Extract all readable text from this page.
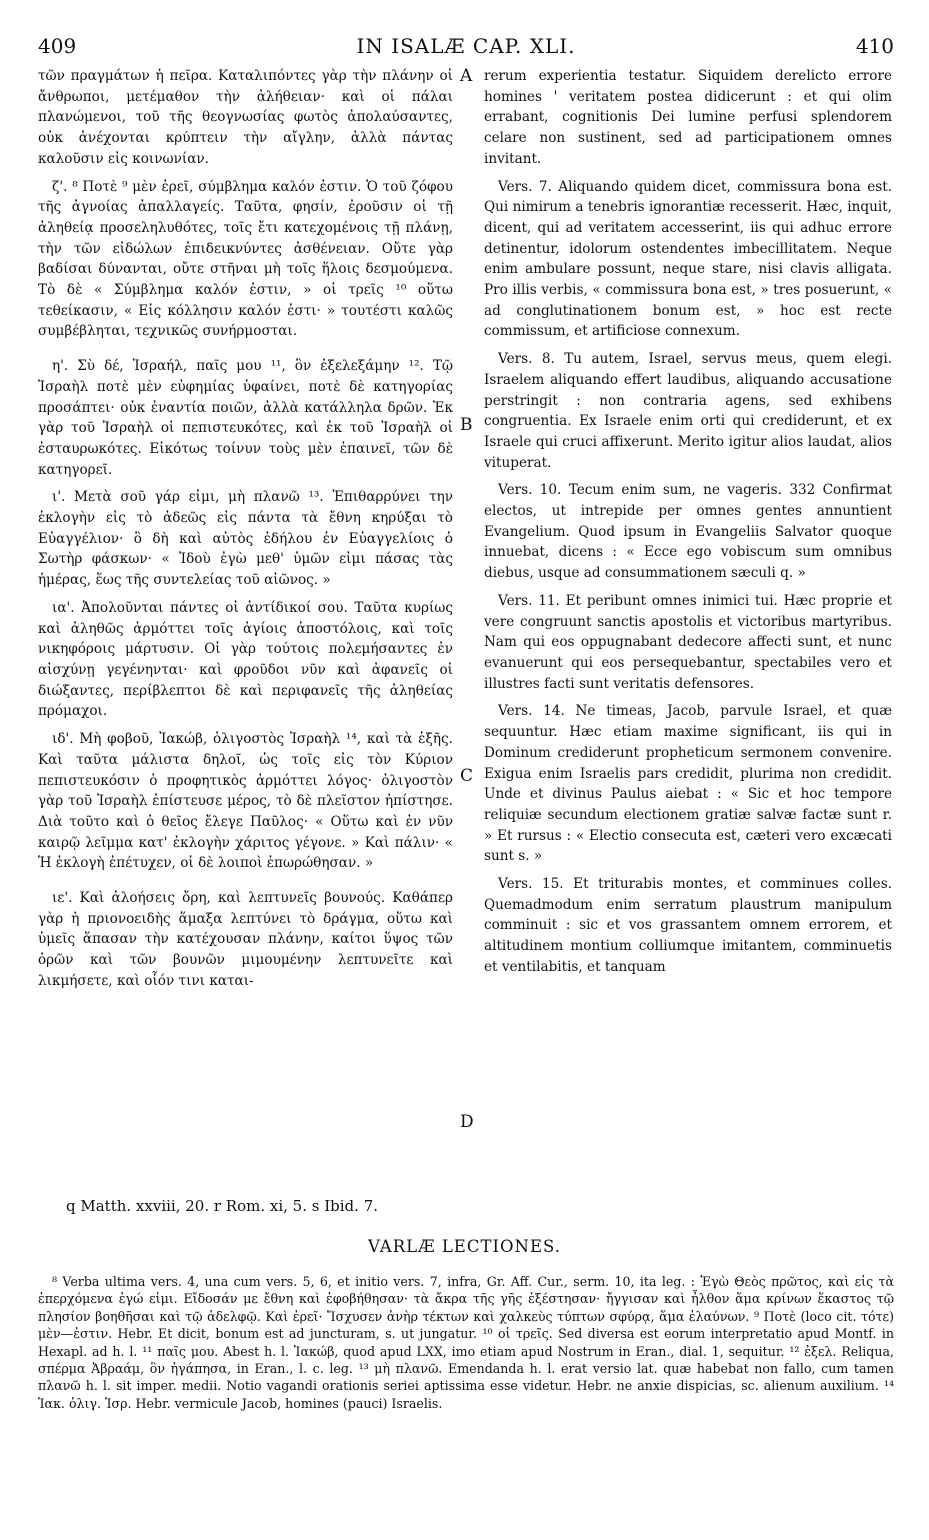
409	IN ISALÆ CAP. XLI.	410

τῶν πραγμάτων ἡ πεῖρα. Καταλιπόντες γὰρ τὴν πλάνην οἱ ἄνθρωποι, μετέμαθον τὴν ἀλήθειαν· καὶ οἱ πάλαι πλανώμενοι, τοῦ τῆς θεογνωσίας φωτὸς ἀπολαύσαντες, οὐκ ἀνέχονται κρύπτειν τὴν αἴγλην, ἀλλὰ πάντας καλοῦσιν εἰς κοινωνίαν.

ζ'. ⁸ Ποτὲ ⁹ μὲν ἐρεῖ, σύμβλημα καλόν ἐστιν. Ὁ τοῦ ζόφου τῆς ἀγνοίας ἀπαλλαγείς. Ταῦτα, φησίν, ἐροῦσιν οἱ τῇ ἀληθείᾳ προσεληλυθότες, τοῖς ἔτι κατεχομένοις τῇ πλάνῃ, τὴν τῶν εἰδώλων ἐπιδεικνύντες ἀσθένειαν. Οὔτε γὰρ βαδίσαι δύνανται, οὔτε στῆναι μὴ τοῖς ἥλοις δεσμούμενα. Τὸ δὲ « Σύμβλημα καλόν ἐστιν, » οἱ τρεῖς ¹⁰ οὕτω τεθείκασιν, « Εἰς κόλλησιν καλόν ἐστι· » τουτέστι καλῶς συμβέβληται, τεχνικῶς συνήρμοσται.

η'. Σὺ δέ, Ἰσραήλ, παῖς μου ¹¹, ὃν ἐξελεξάμην ¹². Τῷ Ἰσραὴλ ποτὲ μὲν εὐφημίας ὑφαίνει, ποτὲ δὲ κατηγορίας προσάπτει· οὐκ ἐναντία ποιῶν, ἀλλὰ κατάλληλα δρῶν. Ἐκ γὰρ τοῦ Ἰσραὴλ οἱ πεπιστευκότες, καὶ ἐκ τοῦ Ἰσραὴλ οἱ ἐσταυρωκότες. Εἰκότως τοίνυν τοὺς μὲν ἐπαινεῖ, τῶν δὲ κατηγορεῖ.

ι'. Μετὰ σοῦ γάρ εἰμι, μὴ πλανῶ ¹³. Ἐπιθαρρύνει την ἐκλογὴν εἰς τὸ ἀδεῶς εἰς πάντα τὰ ἔθνη κηρύξαι τὸ Εὐαγγέλιον· ὃ δὴ καὶ αὐτὸς ἐδήλου ἐν Εὐαγγελίοις ὁ Σωτὴρ φάσκων· « Ἰδοὺ ἐγὼ μεθ' ὑμῶν εἰμι πάσας τὰς ἡμέρας, ἕως τῆς συντελείας τοῦ αἰῶνος. »

ια'. Ἀπολοῦνται πάντες οἱ ἀντίδικοί σου. Ταῦτα κυρίως καὶ ἀληθῶς ἁρμόττει τοῖς ἁγίοις ἀποστόλοις, καὶ τοῖς νικηφόροις μάρτυσιν. Οἱ γὰρ τούτοις πολεμήσαντες ἐν αἰσχύνῃ γεγένηνται· καὶ φροῦδοι νῦν καὶ ἀφανεῖς οἱ διώξαντες, περίβλεπτοι δὲ καὶ περιφανεῖς τῆς ἀληθείας πρόμαχοι.

ιδ'. Μὴ φοβοῦ, Ἰακώβ, ὀλιγοστὸς Ἰσραὴλ ¹⁴, καὶ τὰ ἑξῆς. Καὶ ταῦτα μάλιστα δηλοῖ, ὡς τοῖς εἰς τὸν Κύριον πεπιστευκόσιν ὁ προφητικὸς ἁρμόττει λόγος· ὀλιγοστὸν γὰρ τοῦ Ἰσραὴλ ἐπίστευσε μέρος, τὸ δὲ πλεῖστον ἠπίστησε. Διὰ τοῦτο καὶ ὁ θεῖος ἔλεγε Παῦλος· « Οὕτω καὶ ἐν νῦν καιρῷ λεῖμμα κατ' ἐκλογὴν χάριτος γέγονε. » Καὶ πάλιν· « Ἡ ἐκλογὴ ἐπέτυχεν, οἱ δὲ λοιποὶ ἐπωρώθησαν. »

ιε'. Καὶ ἀλοήσεις ὄρη, καὶ λεπτυνεῖς βουνούς. Καθάπερ γὰρ ἡ πριονοειδὴς ἅμαξα λεπτύνει τὸ δράγμα, οὕτω καὶ ὑμεῖς ἅπασαν τὴν κατέχουσαν πλάνην, καίτοι ὕψος τῶν ὀρῶν καὶ τῶν βουνῶν μιμουμένην λεπτυνεῖτε καὶ λικμήσετε, καὶ οἷόν τινι καται-

A
B
C
D

rerum experientia testatur. Siquidem derelicto errore homines ' veritatem postea didicerunt : et qui olim errabant, cognitionis Dei lumine perfusi splendorem celare non sustinent, sed ad participationem omnes invitant.

Vers. 7. Aliquando quidem dicet, commissura bona est. Qui nimirum a tenebris ignorantiæ recesserit. Hæc, inquit, dicent, qui ad veritatem accesserint, iis qui adhuc errore detinentur, idolorum ostendentes imbecillitatem. Neque enim ambulare possunt, neque stare, nisi clavis alligata. Pro illis verbis, « commissura bona est, » tres posuerunt, « ad conglutinationem bonum est, » hoc est recte commissum, et artificiose connexum.

Vers. 8. Tu autem, Israel, servus meus, quem elegi. Israelem aliquando effert laudibus, aliquando accusatione perstringit : non contraria agens, sed exhibens congruentia. Ex Israele enim orti qui crediderunt, et ex Israele qui cruci affixerunt. Merito igitur alios laudat, alios vituperat.

Vers. 10. Tecum enim sum, ne vageris. 332 Confirmat electos, ut intrepide per omnes gentes annuntient Evangelium. Quod ipsum in Evangeliis Salvator quoque innuebat, dicens : « Ecce ego vobiscum sum omnibus diebus, usque ad consummationem sæculi q. »

Vers. 11. Et peribunt omnes inimici tui. Hæc proprie et vere congruunt sanctis apostolis et victoribus martyribus. Nam qui eos oppugnabant dedecore affecti sunt, et nunc evanuerunt qui eos persequebantur, spectabiles vero et illustres facti sunt veritatis defensores.

Vers. 14. Ne timeas, Jacob, parvule Israel, et quæ sequuntur. Hæc etiam maxime significant, iis qui in Dominum crediderunt propheticum sermonem convenire. Exigua enim Israelis pars credidit, plurima non credidit. Unde et divinus Paulus aiebat : « Sic et hoc tempore reliquiæ secundum electionem gratiæ salvæ factæ sunt r. » Et rursus : « Electio consecuta est, cæteri vero excæcati sunt s. »

Vers. 15. Et triturabis montes, et comminues colles. Quemadmodum enim serratum plaustrum manipulum comminuit : sic et vos grassantem omnem errorem, et altitudinem montium colliumque imitantem, comminuetis et ventilabitis, et tanquam

q Matth. xxviii, 20. r Rom. xi, 5. s Ibid. 7.
VARLÆ LECTIONES.

⁸ Verba ultima vers. 4, una cum vers. 5, 6, et initio vers. 7, infra, Gr. Aff. Cur., serm. 10, ita leg. : Ἐγὼ Θεὸς πρῶτος, καὶ εἰς τὰ ἐπερχόμενα ἐγώ εἰμι. Εἴδοσάν με ἔθνη καὶ ἐφοβήθησαν· τὰ ἄκρα τῆς γῆς ἐξέστησαν· ἤγγισαν καὶ ἦλθον ἅμα κρίνων ἕκαστος τῷ πλησίον βοηθῆσαι καὶ τῷ ἀδελφῷ. Καὶ ἐρεῖ· Ἴσχυσεν ἀνὴρ τέκτων καὶ χαλκεὺς τύπτων σφύρᾳ, ἅμα ἐλαύνων. ⁹ Ποτὲ (loco cit. τότε) μὲν—ἐστιν. Hebr. Et dicit, bonum est ad juncturam, s. ut jungatur. ¹⁰ οἱ τρεῖς. Sed diversa est eorum interpretatio apud Montf. in Hexapl. ad h. l. ¹¹ παῖς μου. Abest h. l. Ἰακώβ, quod apud LXX, imo etiam apud Nostrum in Eran., dial. 1, sequitur. ¹² ἐξελ. Reliqua, σπέρμα Ἀβραάμ, ὃν ἠγάπησα, in Eran., l. c. leg. ¹³ μὴ πλανῶ. Emendanda h. l. erat versio lat. quæ habebat non fallo, cum tamen πλανῶ h. l. sit imper. medii. Notio vagandi orationis seriei aptissima esse videtur. Hebr. ne anxie dispicias, sc. alienum auxilium. ¹⁴ Ἰακ. ὀλιγ. Ἰσρ. Hebr. vermicule Jacob, homines (pauci) Israelis.
